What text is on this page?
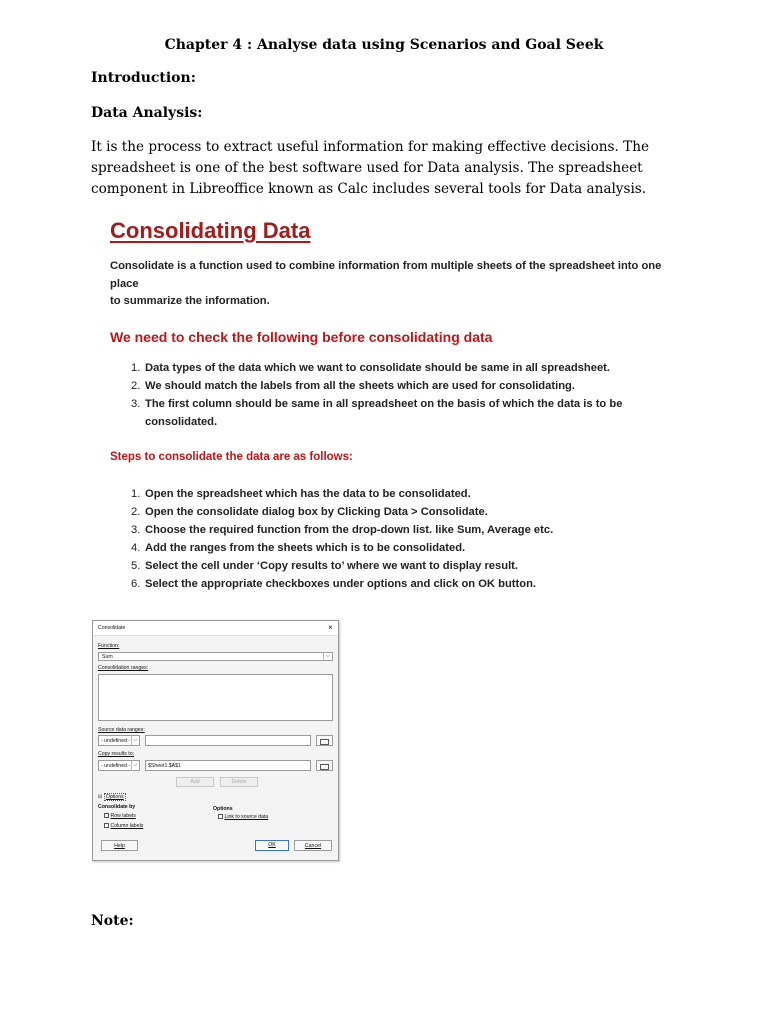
Chapter 4 : Analyse data using Scenarios and Goal Seek
Introduction:
Data Analysis:
It is the process to extract useful information for making effective decisions. The spreadsheet is one of the best software used for Data analysis. The spreadsheet component in Libreoffice known as Calc includes several tools for Data analysis.
Consolidating Data
Consolidate is a function used to combine information from multiple sheets of the spreadsheet into one place
to summarize the information.
We need to check the following before consolidating data
1. Data types of the data which we want to consolidate should be same in all spreadsheet.
2. We should match the labels from all the sheets which are used for consolidating.
3. The first column should be same in all spreadsheet on the basis of which the data is to be consolidated.
Steps to consolidate the data are as follows:
1. Open the spreadsheet which has the data to be consolidated.
2. Open the consolidate dialog box by Clicking Data > Consolidate.
3. Choose the required function from the drop-down list. like Sum, Average etc.
4. Add the ranges from the sheets which is to be consolidated.
5. Select the cell under ‘Copy results to’ where we want to display result.
6. Select the appropriate checkboxes under options and click on OK button.
Consolidate	×
Function:
Sum	⌵
Consolidation ranges:
Source data ranges:
- undefined - ⌵
Copy results to:
- undefined - ⌵ $Sheet1.$A$1
Add	Delete
⊟ Options
Consolidate by
Row labels
Column labels
Options
Link to source data
Help	OK	Cancel
Note:
